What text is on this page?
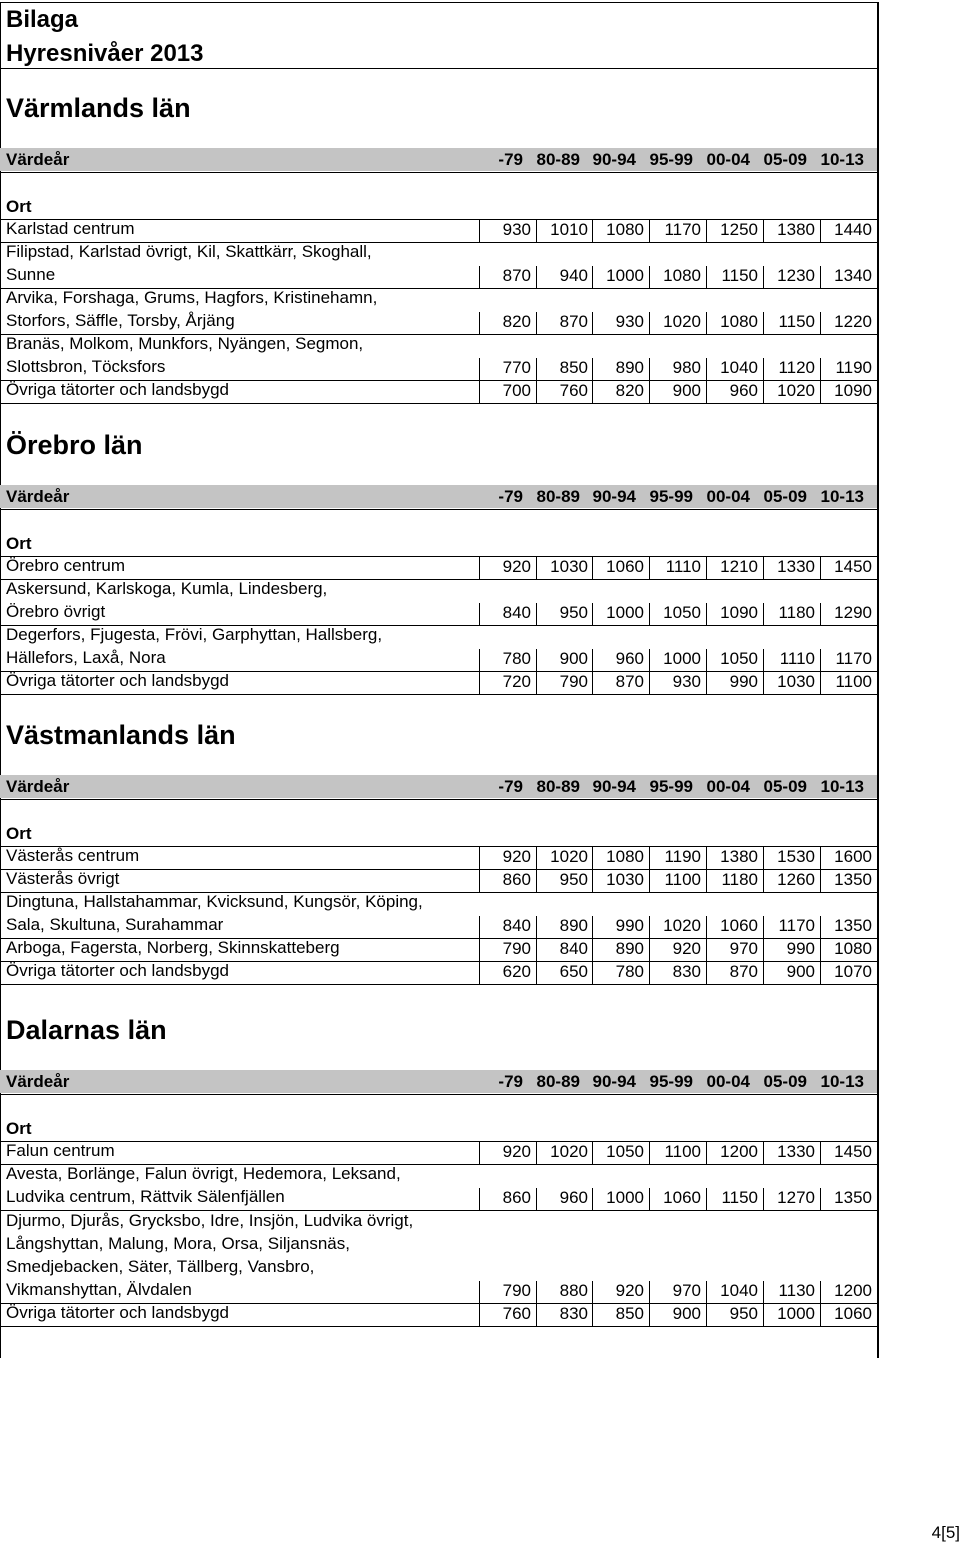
Bilaga
Hyresnivåer 2013
Värmlands län
Värdeår	-79 80-89 90-94 95-99 00-04 05-09 10-13
Ort
Karlstad centrum	930	1010	1080	1170	1250	1380	1440
Filipstad, Karlstad övrigt, Kil, Skattkärr, Skoghall,
Sunne	870	940	1000	1080	1150	1230	1340
Arvika, Forshaga, Grums, Hagfors, Kristinehamn,
Storfors, Säffle, Torsby, Årjäng	820	870	930	1020	1080	1150	1220
Branäs, Molkom, Munkfors, Nyängen, Segmon,
Slottsbron, Töcksfors	770	850	890	980	1040	1120	1190
Övriga tätorter och landsbygd	700	760	820	900	960	1020	1090
Örebro län
Värdeår	-79 80-89 90-94 95-99 00-04 05-09 10-13
Ort
Örebro centrum	920	1030	1060	1110	1210	1330	1450
Askersund, Karlskoga, Kumla, Lindesberg,
Örebro övrigt	840	950	1000	1050	1090	1180	1290
Degerfors, Fjugesta, Frövi, Garphyttan, Hallsberg,
Hällefors, Laxå, Nora	780	900	960	1000	1050	1110	1170
Övriga tätorter och landsbygd	720	790	870	930	990	1030	1100
Västmanlands län
Värdeår	-79 80-89 90-94 95-99 00-04 05-09 10-13
Ort
Västerås centrum	920	1020	1080	1190	1380	1530	1600
Västerås övrigt	860	950	1030	1100	1180	1260	1350
Dingtuna, Hallstahammar, Kvicksund, Kungsör, Köping,
Sala, Skultuna, Surahammar	840	890	990	1020	1060	1170	1350
Arboga, Fagersta, Norberg, Skinnskatteberg	790	840	890	920	970	990	1080
Övriga tätorter och landsbygd	620	650	780	830	870	900	1070
Dalarnas län
Värdeår	-79 80-89 90-94 95-99 00-04 05-09 10-13
Ort
Falun centrum	920	1020	1050	1100	1200	1330	1450
Avesta, Borlänge, Falun övrigt, Hedemora, Leksand,
Ludvika centrum, Rättvik Sälenfjällen	860	960	1000	1060	1150	1270	1350
Djurmo, Djurås, Grycksbo, Idre, Insjön, Ludvika övrigt,
Långshyttan, Malung, Mora, Orsa, Siljansnäs,
Smedjebacken, Säter, Tällberg, Vansbro,
Vikmanshyttan, Älvdalen	790	880	920	970	1040	1130	1200
Övriga tätorter och landsbygd	760	830	850	900	950	1000	1060
4[5]
